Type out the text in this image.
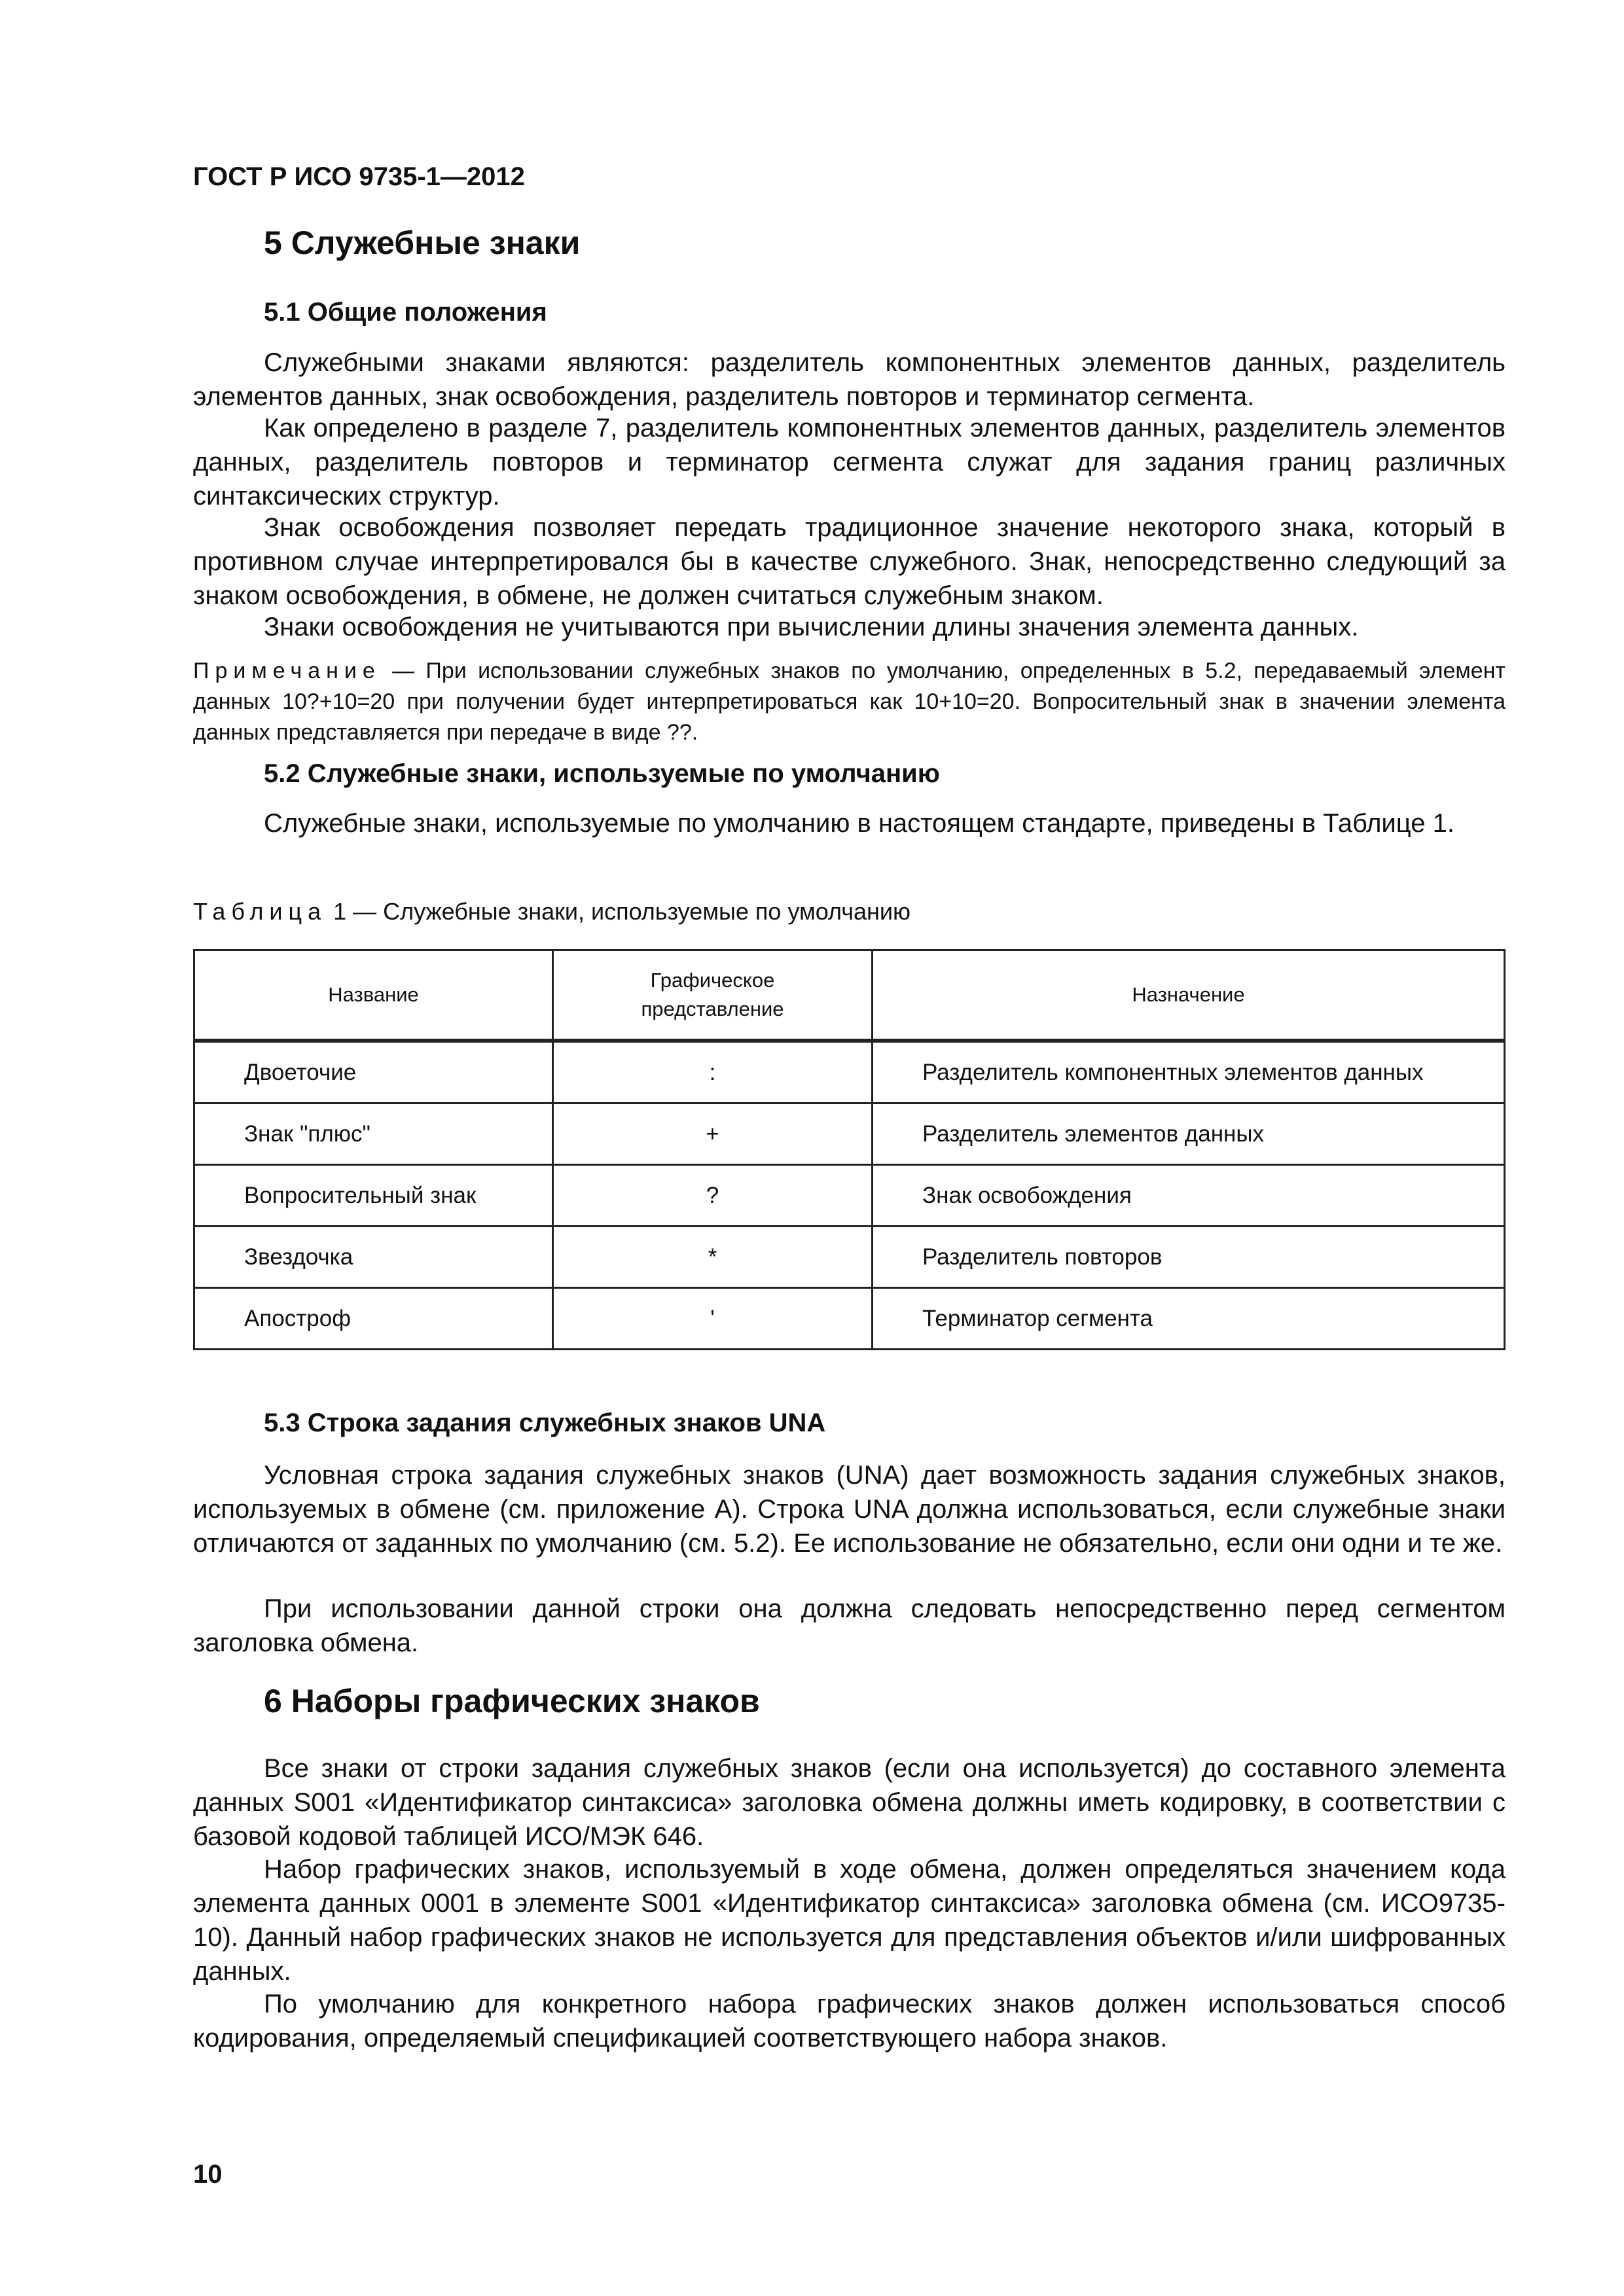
ГОСТ Р ИСО 9735-1—2012
5 Служебные знаки
5.1 Общие положения

Служебными знаками являются: разделитель компонентных элементов данных, разделитель элементов данных, знак освобождения, разделитель повторов и терминатор сегмента.

Как определено в разделе 7, разделитель компонентных элементов данных, разделитель элементов данных, разделитель повторов и терминатор сегмента служат для задания границ различных синтаксических структур.

Знак освобождения позволяет передать традиционное значение некоторого знака, который в противном случае интерпретировался бы в качестве служебного. Знак, непосредственно следующий за знаком освобождения, в обмене, не должен считаться служебным знаком.

Знаки освобождения не учитываются при вычислении длины значения элемента данных.

Примечание — При использовании служебных знаков по умолчанию, определенных в 5.2, передаваемый элемент данных 10?+10=20 при получении будет интерпретироваться как 10+10=20. Вопросительный знак в значении элемента данных представляется при передаче в виде ??.

5.2 Служебные знаки, используемые по умолчанию

Служебные знаки, используемые по умолчанию в настоящем стандарте, приведены в Таблице 1.

Таблица 1 — Служебные знаки, используемые по умолчанию
Название	Графическое представление	Назначение
Двоеточие	:	Разделитель компонентных элементов данных
Знак "плюс"	+	Разделитель элементов данных
Вопросительный знак	?	Знак освобождения
Звездочка	*	Разделитель повторов
Апостроф	'	Терминатор сегмента
5.3 Строка задания служебных знаков UNA

Условная строка задания служебных знаков (UNA) дает возможность задания служебных знаков, используемых в обмене (см. приложение А). Строка UNA должна использоваться, если служебные знаки отличаются от заданных по умолчанию (см. 5.2). Ее использование не обязательно, если они одни и те же.

При использовании данной строки она должна следовать непосредственно перед сегментом заголовка обмена.

6 Наборы графических знаков

Все знаки от строки задания служебных знаков (если она используется) до составного элемента данных S001 «Идентификатор синтаксиса» заголовка обмена должны иметь кодировку, в соответствии с базовой кодовой таблицей ИСО/МЭК 646.

Набор графических знаков, используемый в ходе обмена, должен определяться значением кода элемента данных 0001 в элементе S001 «Идентификатор синтаксиса» заголовка обмена (см. ИСО9735-10). Данный набор графических знаков не используется для представления объектов и/или шифрованных данных.

По умолчанию для конкретного набора графических знаков должен использоваться способ кодирования, определяемый спецификацией соответствующего набора знаков.

10
